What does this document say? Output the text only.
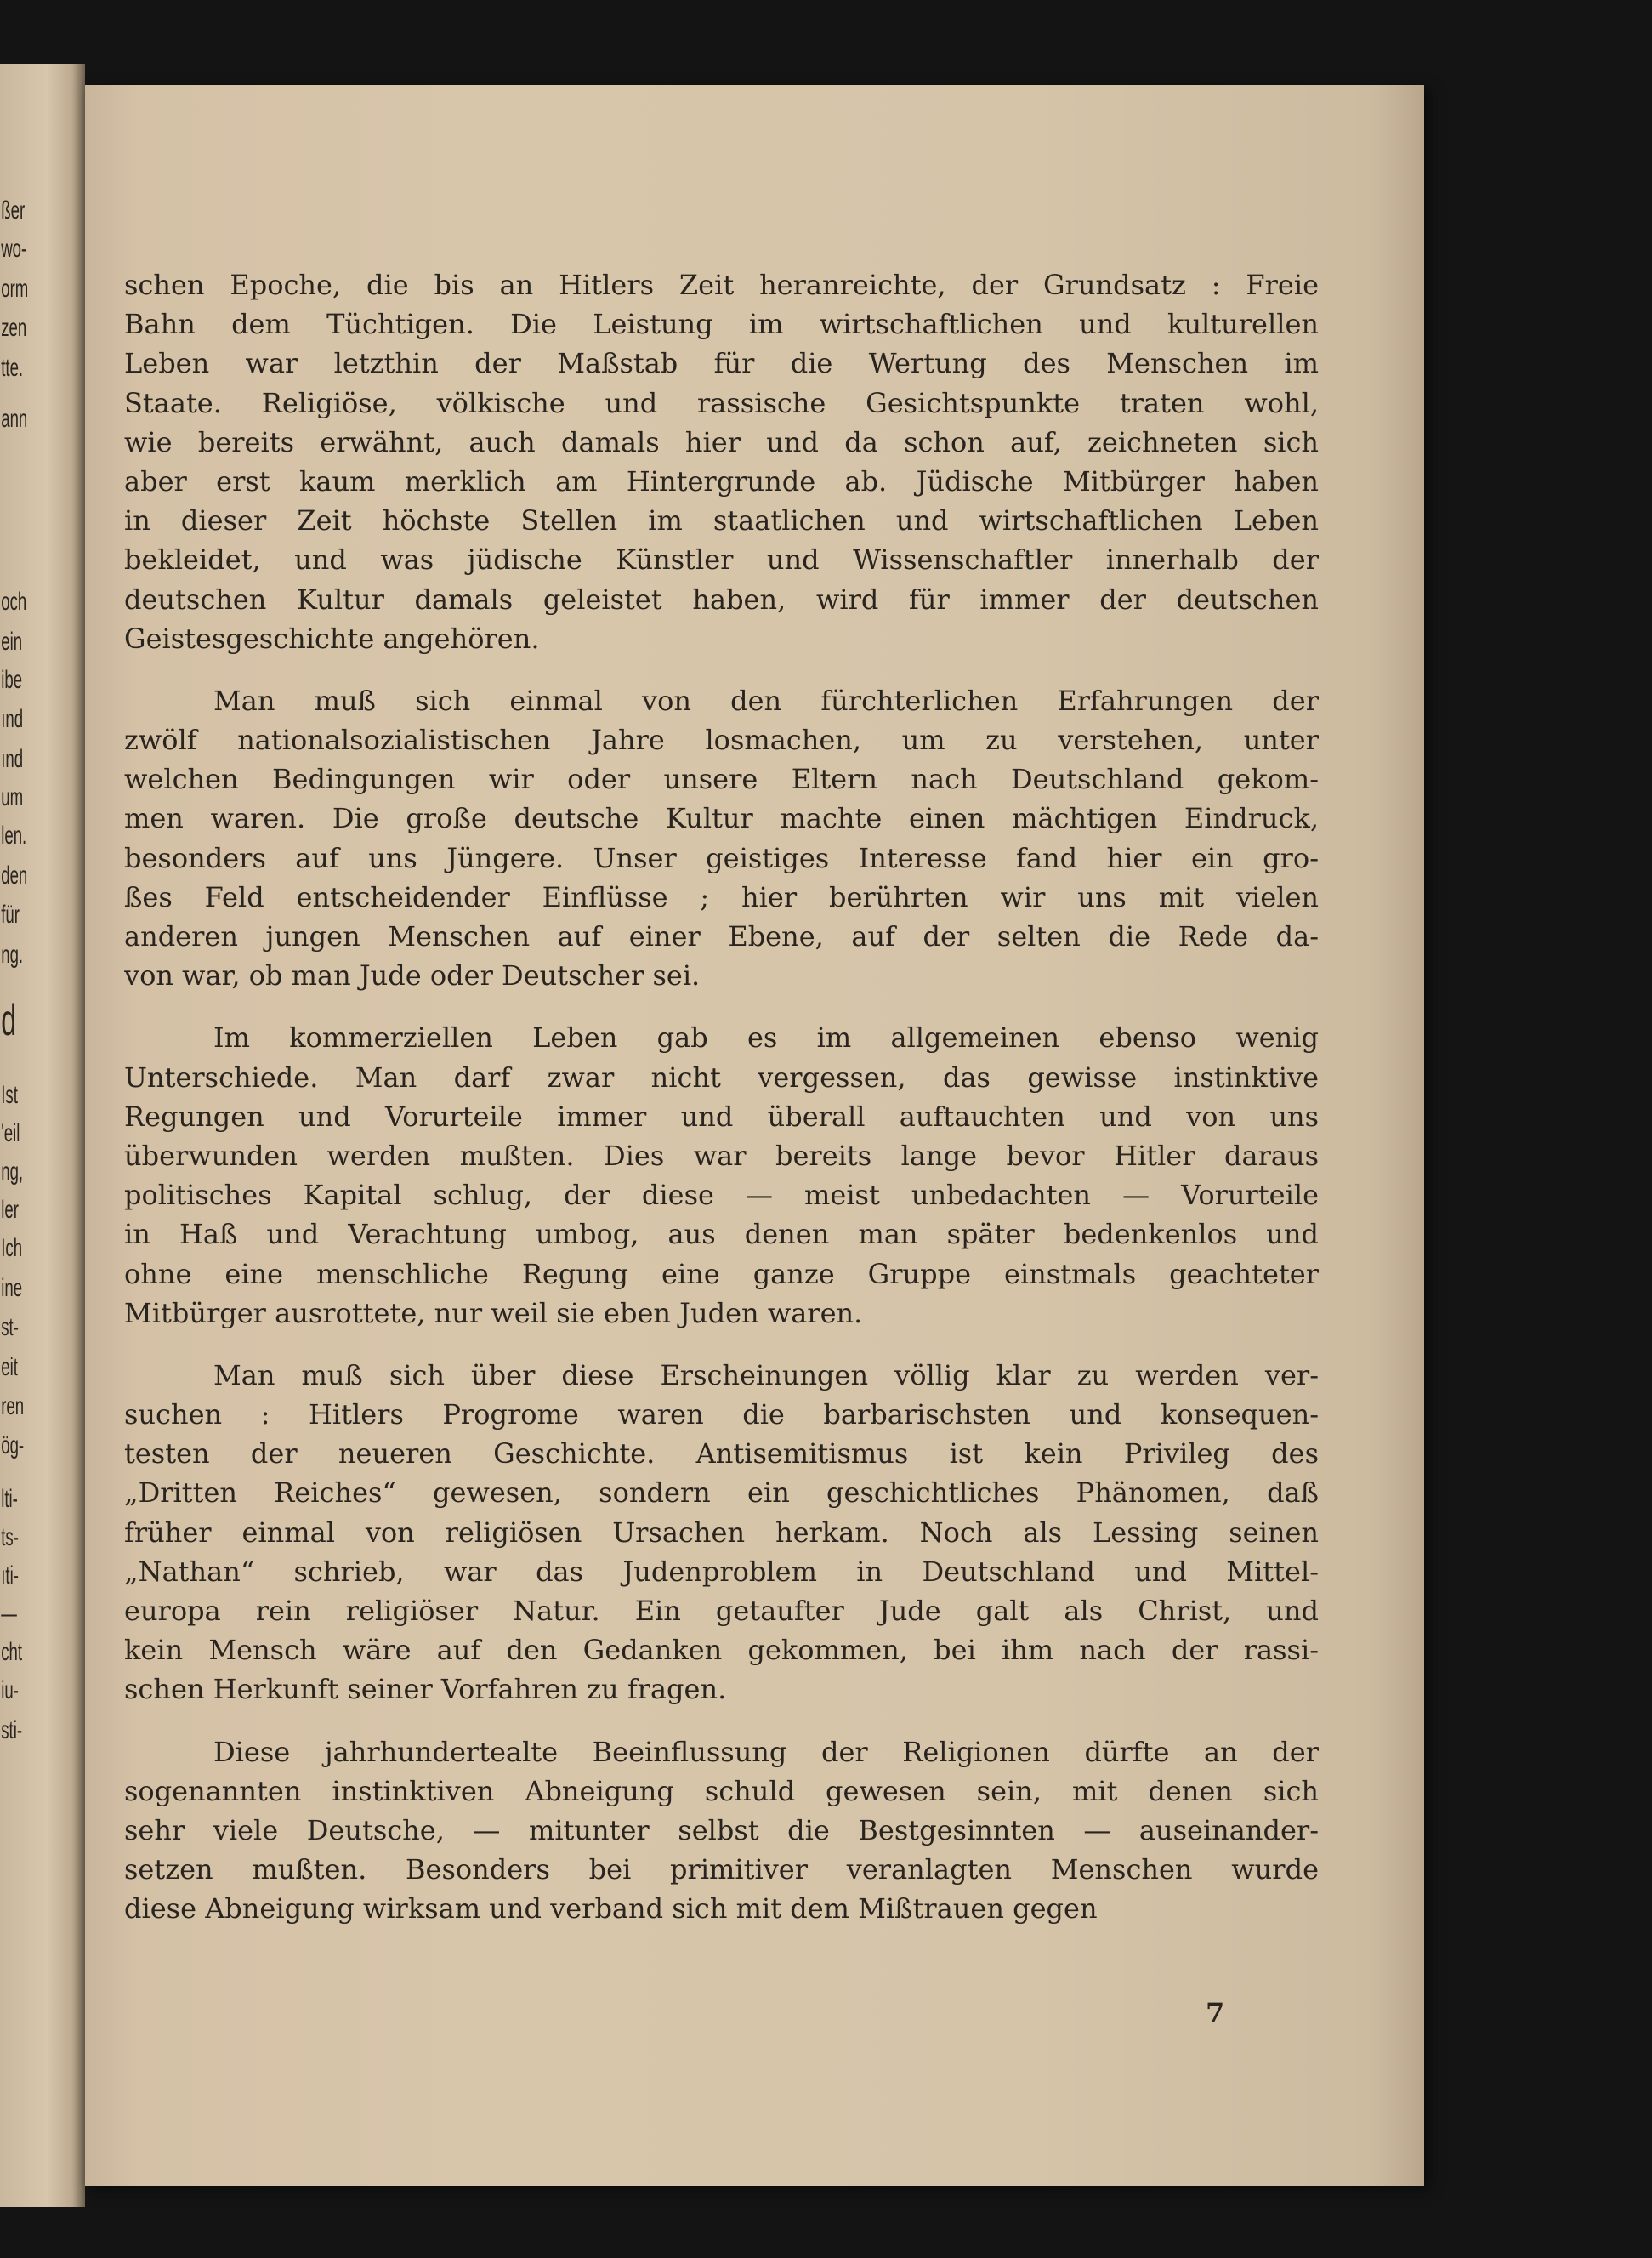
ßer
wo-
orm
zen
tte.
ann
och
ein
ibe
ınd
ınd
um
len.
den
für
ng.
d
Ist
'eil
ng,
ler
Ich
ine
st-
eit
ren
ög-
lti-
ts-
ıti-
—
cht
iu-
sti-
schen Epoche, die bis an Hitlers Zeit heranreichte, der Grundsatz : Freie
Bahn dem Tüchtigen. Die Leistung im wirtschaftlichen und kulturellen
Leben war letzthin der Maßstab für die Wertung des Menschen im
Staate. Religiöse, völkische und rassische Gesichtspunkte traten wohl,
wie bereits erwähnt, auch damals hier und da schon auf, zeichneten sich
aber erst kaum merklich am Hintergrunde ab. Jüdische Mitbürger haben
in dieser Zeit höchste Stellen im staatlichen und wirtschaftlichen Leben
bekleidet, und was jüdische Künstler und Wissenschaftler innerhalb der
deutschen Kultur damals geleistet haben, wird für immer der deutschen
Geistesgeschichte angehören.
Man muß sich einmal von den fürchterlichen Erfahrungen der
zwölf nationalsozialistischen Jahre losmachen, um zu verstehen, unter
welchen Bedingungen wir oder unsere Eltern nach Deutschland gekom-
men waren. Die große deutsche Kultur machte einen mächtigen Eindruck,
besonders auf uns Jüngere. Unser geistiges Interesse fand hier ein gro-
ßes Feld entscheidender Einflüsse ; hier berührten wir uns mit vielen
anderen jungen Menschen auf einer Ebene, auf der selten die Rede da-
von war, ob man Jude oder Deutscher sei.
Im kommerziellen Leben gab es im allgemeinen ebenso wenig
Unterschiede. Man darf zwar nicht vergessen, das gewisse instinktive
Regungen und Vorurteile immer und überall auftauchten und von uns
überwunden werden mußten. Dies war bereits lange bevor Hitler daraus
politisches Kapital schlug, der diese — meist unbedachten — Vorurteile
in Haß und Verachtung umbog, aus denen man später bedenkenlos und
ohne eine menschliche Regung eine ganze Gruppe einstmals geachteter
Mitbürger ausrottete, nur weil sie eben Juden waren.
Man muß sich über diese Erscheinungen völlig klar zu werden ver-
suchen : Hitlers Progrome waren die barbarischsten und konsequen-
testen der neueren Geschichte. Antisemitismus ist kein Privileg des
„Dritten Reiches“ gewesen, sondern ein geschichtliches Phänomen, daß
früher einmal von religiösen Ursachen herkam. Noch als Lessing seinen
„Nathan“ schrieb, war das Judenproblem in Deutschland und Mittel-
europa rein religiöser Natur. Ein getaufter Jude galt als Christ, und
kein Mensch wäre auf den Gedanken gekommen, bei ihm nach der rassi-
schen Herkunft seiner Vorfahren zu fragen.
Diese jahrhundertealte Beeinflussung der Religionen dürfte an der
sogenannten instinktiven Abneigung schuld gewesen sein, mit denen sich
sehr viele Deutsche, — mitunter selbst die Bestgesinnten — auseinander-
setzen mußten. Besonders bei primitiver veranlagten Menschen wurde
diese Abneigung wirksam und verband sich mit dem Mißtrauen gegen
7
